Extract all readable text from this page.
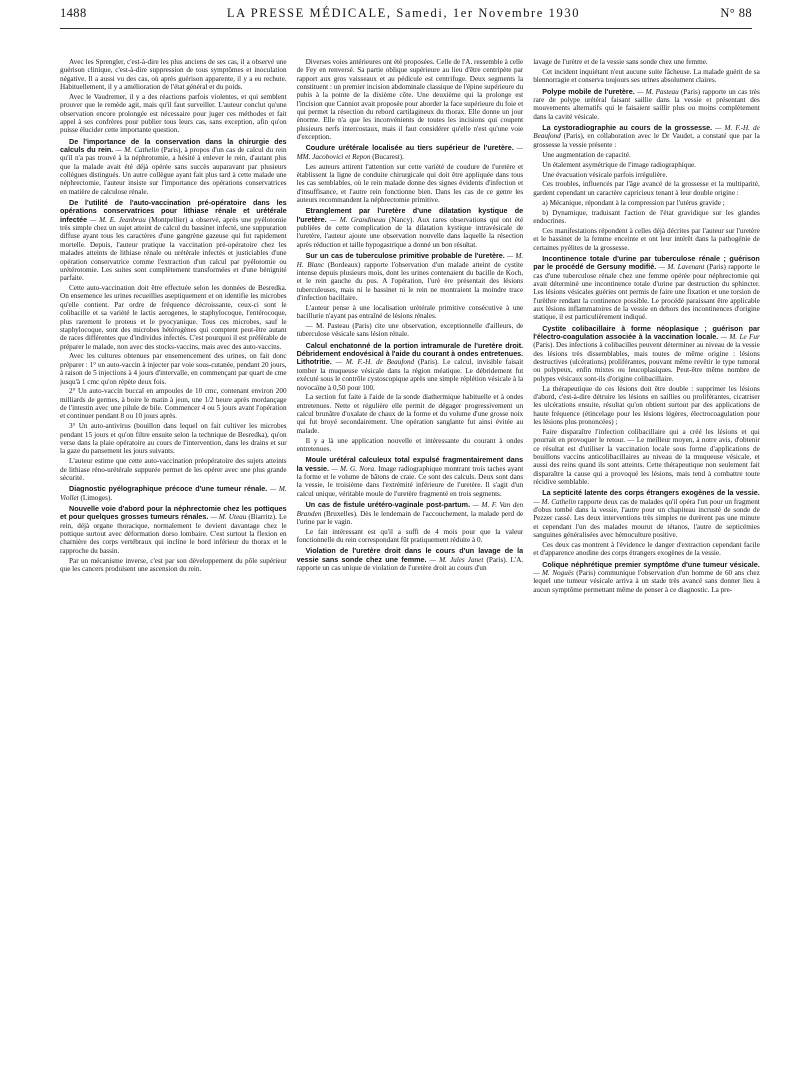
1488	LA PRESSE MÉDICALE, Samedi, 1er Novembre 1930	N° 88

Avec les Sprengler, c'est-à-dire les plus anciens de ses cas, il a observé une guérison clinique, c'est-à-dire suppression de tous symptômes et inoculation négative. Il a aussi vu des cas, où après guérison apparente, il y a eu rechute. Habituellement, il y a amélioration de l'état général et du poids.

Avec le Vaudremer, il y a des réactions parfois violentes, et qui semblent prouver que le remède agit, mais qu'il faut surveiller. L'auteur conclut qu'une observation encore prolongée est nécessaire pour juger ces méthodes et fait appel à ses confrères pour publier tous leurs cas, sans exception, afin qu'on puisse élucider cette importante question.

De l'importance de la conservation dans la chirurgie des calculs du rein. — M. Cathelin (Paris), à propos d'un cas de calcul du rein qu'il n'a pas trouvé à la néphrotomie, a hésité à enlever le rein, d'autant plus que la malade avait été déjà opérée sans succès auparavant par plusieurs collègues distingués. Un autre collègue ayant fait plus tard à cette malade une néphrectomie, l'auteur insiste sur l'importance des opérations conservatrices en matière de calculose rénale.

De l'utilité de l'auto-vaccination pré-opératoire dans les opérations conservatrices pour lithiase rénale et urétérale infectée — M. E. Jeanbrau (Montpellier) a observé, après une pyélotomie très simple chez un sujet atteint de calcul du bassinet infecté, une suppuration diffuse ayant tous les caractères d'une gangrène gazeuse qui fut rapidement mortelle. Depuis, l'auteur pratique la vaccination pré-opératoire chez les malades atteints de lithiase rénale ou urétérale infectés et justiciables d'une opération conservatrice comme l'extraction d'un calcul par pyélotomie ou urétérotomie. Les suites sont complètement transformées et d'une bénignité parfaite.

Cette auto-vaccination doit être effectuée selon les données de Besredka. On ensemence les urines recueillies aseptiquement et on identifie les microbes qu'elle contient. Par ordre de fréquence décroissante, ceux-ci sont le colibacille et sa variété le lactis aerogenes, le staphylocoque, l'entérocoque, plus rarement le proteus et le pyocyanique. Tous ces microbes, sauf le staphylocoque, sont des microbes hétérogènes qui comptent peut-être autant de races différentes que d'individus infectés. C'est pourquoi il est préférable de préparer le malade, non avec des stocks-vaccins, mais avec des auto-vaccins.

Avec les cultures obtenues par ensemencement des urines, on fait donc préparer : 1° un auto-vaccin à injecter par voie sous-cutanée, pendant 20 jours, à raison de 5 injections à 4 jours d'intervalle, en commençant par quart de cme jusqu'à 1 cmc qu'on répète deux fois.

2° Un auto-vaccin buccal en ampoules de 10 cmc, contenant environ 200 milliards de germes, à boire le matin à jeun, une 1/2 heure après mordançage de l'intestin avec une pilule de bile. Commencer 4 ou 5 jours avant l'opération et continuer pendant 8 ou 10 jours après.

3° Un auto-antivirus (bouillon dans lequel on fait cultiver les microbes pendant 15 jours et qu'on filtre ensuite selon la technique de Besredka), qu'on verse dans la plaie opératoire au cours de l'intervention, dans les drains et sur la gaze du pansement les jours suivants.

L'auteur estime que cette auto-vaccination préopératoire des sujets atteints de lithiase réno-urétérale suppurée permet de les opérer avec une plus grande sécurité.

Diagnostic pyélographique précoce d'une tumeur rénale. — M. Viollet (Limoges).

Nouvelle voie d'abord pour la néphrectomie chez les pottiques et pour quelques grosses tumeurs rénales. — M. Uteau (Biarritz). Le rein, déjà organe thoracique, normalement le devient davantage chez le pottique surtout avec déformation dorso lombaire. C'est surtout la flexion en charnière des corps vertébraux qui incline le bord inférieur du thorax et le rapproche du bassin.

Par un mécanisme inverse, c'est par son développement du pôle supérieur que les cancers produisent une ascension du rein.

Diverses voies antérieures ont été proposées. Celle de l'A. ressemble à celle de Fey en renversé. Sa partie oblique supérieure au lieu d'être centripète par rapport aux gros vaisseaux et au pédicule est centrifuge. Deux segments la constituent : un premier incision abdominale classique de l'épine supérieure du pubis à la pointe de la dixième côte. Une deuxième qui la prolonge est l'incision que Canniot avait proposée pour aborder la face supérieure du foie et qui permet la résection du rebord cartilagineux du thorax. Elle donne un jour énorme. Elle n'a que les inconvénients de toutes les incisions qui coupent plusieurs nerfs intercostaux, mais il faut considérer qu'elle n'est qu'une voie d'exception.

Coudure urétérale localisée au tiers supérieur de l'uretère. — MM. Jacobovici et Repon (Bucarest).

Les auteurs attirent l'attention sur cette variété de coudure de l'uretère et établissent la ligne de conduite chirurgicale qui doit être appliquée dans tous les cas semblables, où le rein malade donne des signes évidents d'infection et d'insuffisance, et l'autre rein fonctionne bien. Dans les cas de ce genre les auteurs recommandent la néphrectomie primitive.

Etranglement par l'uretère d'une dilatation kystique de l'uretère. — M. Grandineau (Nancy). Aux rares observations qui ont été publiées de cette complication de la dilatation kystique intravésicale de l'uretère, l'auteur ajoute une observation nouvelle dans laquelle la résection après réduction et taille hypogastrique a donné un bon résultat.

Sur un cas de tuberculose primitive probable de l'uretère. — M. H. Blanc (Bordeaux) rapporte l'observation d'un malade atteint de cystite intense depuis plusieurs mois, dont les urines contenaient du bacille de Koch, et le rein gauche du pus. A l'opération, l'urè ère présentait des lésions tuberculeuses, mais ni le bassinet ni le rein ne montraient la moindre trace d'infection bacillaire.

L'auteur pense à une localisation urétérale primitive consécutive à une bacillurie n'ayant pas entraîné de lésions rénales.

— M. Pasteau (Paris) cite une observation, exceptionnelle d'ailleurs, de tuberculose vésicale sans lésion rénale.

Calcul enchatonné de la portion intramurale de l'uretère droit. Débridement endovésical à l'aide du courant à ondes entretenues. Lithotritie. — M. F.-H. de Beaufond (Paris). Le calcul, invisible faisait tomber la muqueuse vésicale dans la région méatique. Le débridement fut exécuté sous le contrôle cystoscopique après une simple réplétion vésicale à la novocaïne à 0,50 pour 100.

La section fut faite à l'aide de la sonde diathermique habituelle et à ondes entretenues. Nette et régulière elle permit de dégager progressivement un calcul brunâtre d'oxalate de chaux de la forme et du volume d'une grosse noix qui fut broyé secondairement. Une opération sanglante fut ainsi évitée au malade.

Il y a là une application nouvelle et intéressante du courant à ondes entretenues.

Moule urétéral calculeux total expulsé fragmentairement dans la vessie. — M. G. Nora. Image radiographique montrant trois taches ayant la forme et le volume de bâtons de craie. Ce sont des calculs. Deux sont dans la vessie, le troisième dans l'extrémité inférieure de l'uretère. Il s'agit d'un calcul unique, véritable moule de l'uretère fragmenté en trois segments.

Un cas de fistule urétéro-vaginale post-partum. — M. F. Van den Branden (Bruxelles). Dès le lendemain de l'accouchement, la malade perd de l'urine par le vagin.

Le fait intéressant est qu'il a suffi de 4 mois pour que la valeur fonctionnelle du rein correspondant fût pratiquement réduite à 0.

Violation de l'uretère droit dans le cours d'un lavage de la vessie sans sonde chez une femme. — M. Jules Janet (Paris). L'A. rapporte un cas unique de violation de l'uretère droit au cours d'un

lavage de l'urètre et de la vessie sans sonde chez une femme.

Cet incident inquiétant n'eut aucune suite fâcheuse. La malade guérit de sa blennorragie et conserva toujours ses urines absolument claires.

Polype mobile de l'uretère. — M. Pasteau (Paris) rapporte un cas très rare de polype urétéral faisant saillie dans la vessie et présentant des mouvements alternatifs qui le faisaient saillir plus ou moins complètement dans la cavité vésicale.

La cystoradiographie au cours de la grossesse. — M. F.-H. de Beaufond (Paris), en collaboration avec le Dr Vaudet, a constaté que par la grossesse la vessie présente :

Une augmentation de capacité.

Un étalement asymétrique de l'image radiographique.

Une évacuation vésicale parfois irrégulière.

Ces troubles, influencés par l'âge avancé de la grossesse et la multiparité, gardent cependant un caractère capricieux tenant à leur double origine :

a) Mécanique, répondant à la compression par l'utérus gravide ;

b) Dynamique, traduisant l'action de l'état gravidique sur les glandes endocrines.

Ces manifestations répondent à celles déjà décrites par l'auteur sur l'uretère et le bassinet de la femme enceinte et ont leur intérêt dans la pathogénie de certaines pyélites de la grossesse.

Incontinence totale d'urine par tuberculose rénale ; guérison par le procédé de Gersuny modifié. — M. Lavenant (Paris) rapporte le cas d'une tuberculose rénale chez une femme opérée pour néphrectomie qui avait déterminé une incontinence totale d'urine par destruction du sphincter. Les lésions vésicales guéries ont permis de faire une fixation et une torsion de l'urèthre rendant la continence possible. Le procédé paraissant être applicable aux lésions inflammatoires de la vessie en dehors des incontinences d'origine statique, il est particulièrement indiqué.

Cystite colibacillaire à forme néoplasique ; guérison par l'électro-coagulation associée à la vaccination locale. — M. Le Fur (Paris). Des infections à colibacilles peuvent déterminer au niveau de la vessie des lésions très dissemblables, mais toutes de même origine : lésions destructives (ulcérations) proliférantes, pouvant même revêtir le type tumoral ou polypeux, enfin mixtes ou leucoplasiques. Peut-être même nombre de polypes vésicaux sont-ils d'origine colibacillaire.

La thérapeutique de ces lésions doit être double : supprimer les lésions d'abord, c'est-à-dire détruire les lésions en saillies ou proliférantes, cicatriser les ulcérations ensuite, résultat qu'on obtient surtout par des applications de haute fréquence (étincelage pour les lésions légères, électrocoagulation pour les lésions plus prononcées) ;

Faire disparaître l'infection colibacillaire qui a créé les lésions et qui pourrait en provoquer le retour. — Le meilleur moyen, à notre avis, d'obtenir ce résultat est d'utiliser la vaccination locale sous forme d'applications de bouillons vaccins anticolibacillaires au niveau de la muqueuse vésicale, et aussi des reins quand ils sont atteints. Cette thérapeutique non seulement fait disparaître la cause qui a provoqué les lésions, mais tend à combattre toute récidive semblable.

La septicité latente des corps étrangers exogènes de la vessie. — M. Cathelin rapporte deux cas de malades qu'il opéra l'un pour un fragment d'obus tombé dans la vessie, l'autre pour un chapiteau incrusté de sonde de Pezzer cassé. Les deux interventions très simples ne durèrent pas une minute et cependant l'un des malades mourut de tétanos, l'autre de septicémies sanguines généralisées avec hémoculture positive.

Ces deux cas montrent à l'évidence le danger d'extraction cependant facile et d'apparence anodine des corps étrangers exogènes de la vessie.

Colique néphrétique premier symptôme d'une tumeur vésicale. — M. Noguès (Paris) communique l'observation d'un homme de 60 ans chez lequel une tumeur vésicale arriva à un stade très avancé sans donner lieu à aucun symptôme permettant même de penser à ce diagnostic. La pre-
